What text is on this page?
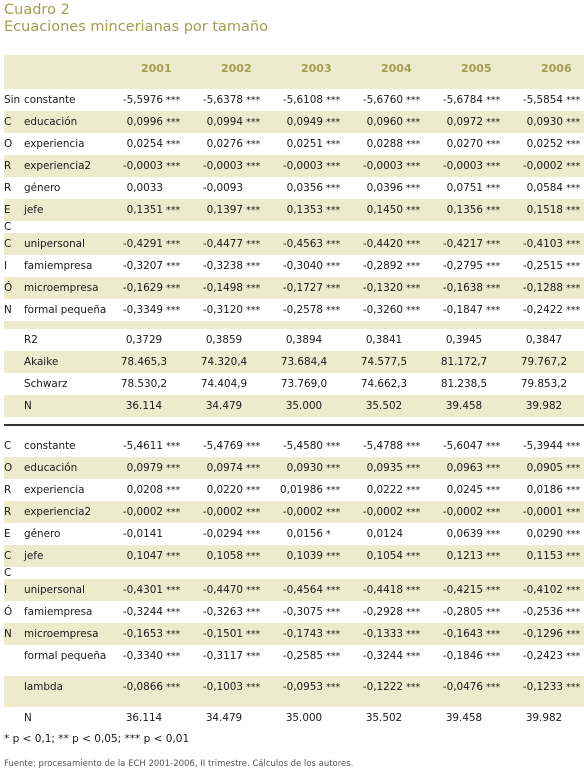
Cuadro 2
Ecuaciones mincerianas por tamaño
		2001	2002	2003	2004	2005	2006

Sin	constante	-5,5976 ***	-5,6378 ***	-5,6108 ***	-5,6760 ***	-5,6784 ***	-5,5854 ***

C	educación	0,0996 ***	0,0994 ***	0,0949 ***	0,0960 ***	0,0972 ***	0,0930 ***

O	experiencia	0,0254 ***	0,0276 ***	0,0251 ***	0,0288 ***	0,0270 ***	0,0252 ***

R	experiencia2	-0,0003 ***	-0,0003 ***	-0,0003 ***	-0,0003 ***	-0,0003 ***	-0,0002 ***

R	género	0,0033	-0,0093	0,0356 ***	0,0396 ***	0,0751 ***	0,0584 ***

E	jefe	0,1351 ***	0,1397 ***	0,1353 ***	0,1450 ***	0,1356 ***	0,1518 ***

C							
C	unipersonal	-0,4291 ***	-0,4477 ***	-0,4563 ***	-0,4420 ***	-0,4217 ***	-0,4103 ***

I	famiempresa	-0,3207 ***	-0,3238 ***	-0,3040 ***	-0,2892 ***	-0,2795 ***	-0,2515 ***

Ó	microempresa	-0,1629 ***	-0,1498 ***	-0,1727 ***	-0,1320 ***	-0,1638 ***	-0,1288 ***

N	formal pequeña	-0,3349 ***	-0,3120 ***	-0,2578 ***	-0,3260 ***	-0,1847 ***	-0,2422 ***

	R2	0,3729	0,3859	0,3894	0,3841	0,3945	0,3847
	Akaike	78.465,3	74.320,4	73.684,4	74.577,5	81.172,7	79.767,2
	Schwarz	78.530,2	74.404,9	73.769,0	74.662,3	81.238,5	79.853,2
	N	36.114	34.479	35.000	35.502	39.458	39.982

C	constante	-5,4611 ***	-5,4769 ***	-5,4580 ***	-5,4788 ***	-5,6047 ***	-5,3944 ***

O	educación	0,0979 ***	0,0974 ***	0,0930 ***	0,0935 ***	0,0963 ***	0,0905 ***

R	experiencia	0,0208 ***	0,0220 ***	0,01986 ***	0,0222 ***	0,0245 ***	0,0186 ***

R	experiencia2	-0,0002 ***	-0,0002 ***	-0,0002 ***	-0,0002 ***	-0,0002 ***	-0,0001 ***

E	género	-0,0141	-0,0294 ***	0,0156 *	0,0124	0,0639 ***	0,0290 ***

C	jefe	0,1047 ***	0,1058 ***	0,1039 ***	0,1054 ***	0,1213 ***	0,1153 ***

C							
I	unipersonal	-0,4301 ***	-0,4470 ***	-0,4564 ***	-0,4418 ***	-0,4215 ***	-0,4102 ***

Ó	famiempresa	-0,3244 ***	-0,3263 ***	-0,3075 ***	-0,2928 ***	-0,2805 ***	-0,2536 ***

N	microempresa	-0,1653 ***	-0,1501 ***	-0,1743 ***	-0,1333 ***	-0,1643 ***	-0,1296 ***

	formal pequeña	-0,3340 ***	-0,3117 ***	-0,2585 ***	-0,3244 ***	-0,1846 ***	-0,2423 ***

	lambda	-0,0866 ***	-0,1003 ***	-0,0953 ***	-0,1222 ***	-0,0476 ***	-0,1233 ***

	N	36.114	34.479	35.000	35.502	39.458	39.982
* p < 0,1; ** p < 0,05; *** p < 0,01
Fuente: procesamiento de la ECH 2001-2006, II trimestre. Cálculos de los autores.
